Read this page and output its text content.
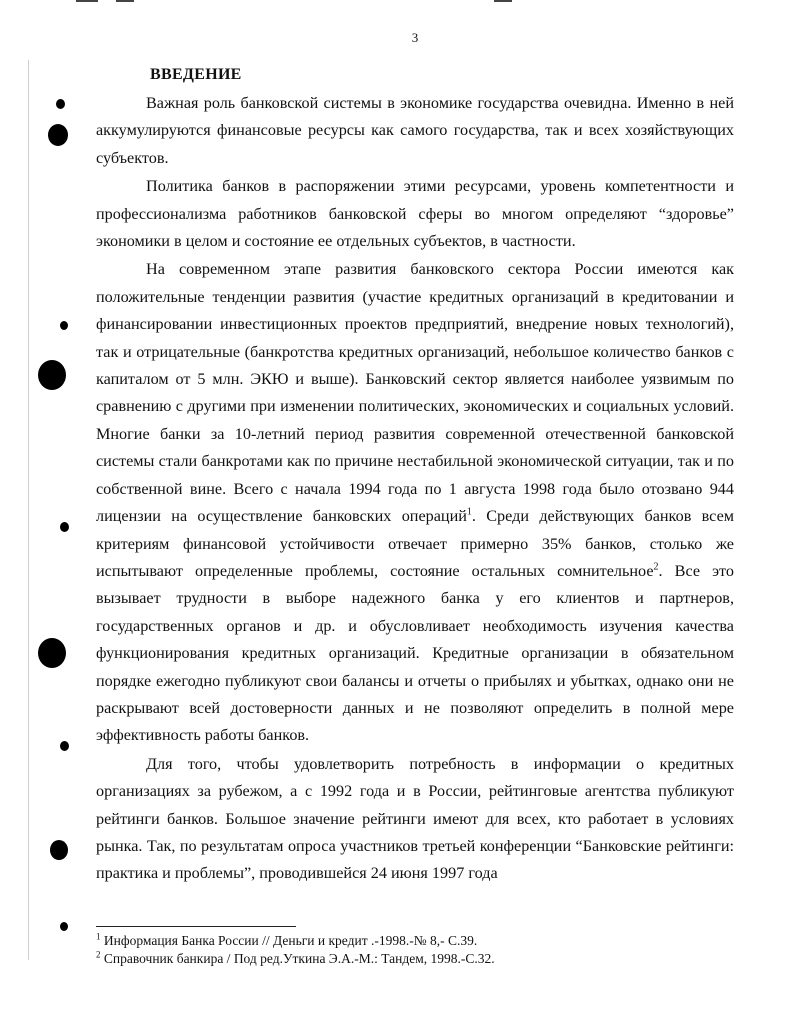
3
ВВЕДЕНИЕ

Важная роль банковской системы в экономике государства очевидна. Именно в ней аккумулируются финансовые ресурсы как самого государства, так и всех хозяйствующих субъектов.

Политика банков в распоряжении этими ресурсами, уровень компетентности и профессионализма работников банковской сферы во многом определяют “здоровье” экономики в целом и состояние ее отдельных субъектов, в частности.

На современном этапе развития банковского сектора России имеются как положительные тенденции развития (участие кредитных организаций в кредитовании и финансировании инвестиционных проектов предприятий, внедрение новых технологий), так и отрицательные (банкротства кредитных организаций, небольшое количество банков с капиталом от 5 млн. ЭКЮ и выше). Банковский сектор является наиболее уязвимым по сравнению с другими при изменении политических, экономических и социальных условий. Многие банки за 10-летний период развития современной отечественной банковской системы стали банкротами как по причине нестабильной экономической ситуации, так и по собственной вине. Всего с начала 1994 года по 1 августа 1998 года было отозвано 944 лицензии на осуществление банковских операций$^1$. Среди действующих банков всем критериям финансовой устойчивости отвечает примерно 35% банков, столько же испытывают определенные проблемы, состояние остальных сомнительное$^2$. Все это вызывает трудности в выборе надежного банка у его клиентов и партнеров, государственных органов и др. и обусловливает необходимость изучения качества функционирования кредитных организаций. Кредитные организации в обязательном порядке ежегодно публикуют свои балансы и отчеты о прибылях и убытках, однако они не раскрывают всей достоверности данных и не позволяют определить в полной мере эффективность работы банков.

Для того, чтобы удовлетворить потребность в информации о кредитных организациях за рубежом, а с 1992 года и в России, рейтинговые агентства публикуют рейтинги банков. Большое значение рейтинги имеют для всех, кто работает в условиях рынка. Так, по результатам опроса участников третьей конференции “Банковские рейтинги: практика и проблемы”, проводившейся 24 июня 1997 года

$^1$ Информация Банка России // Деньги и кредит .-1998.-№ 8,- С.39.
$^2$ Справочник банкира / Под ред.Уткина Э.А.-М.: Тандем, 1998.-С.32.
